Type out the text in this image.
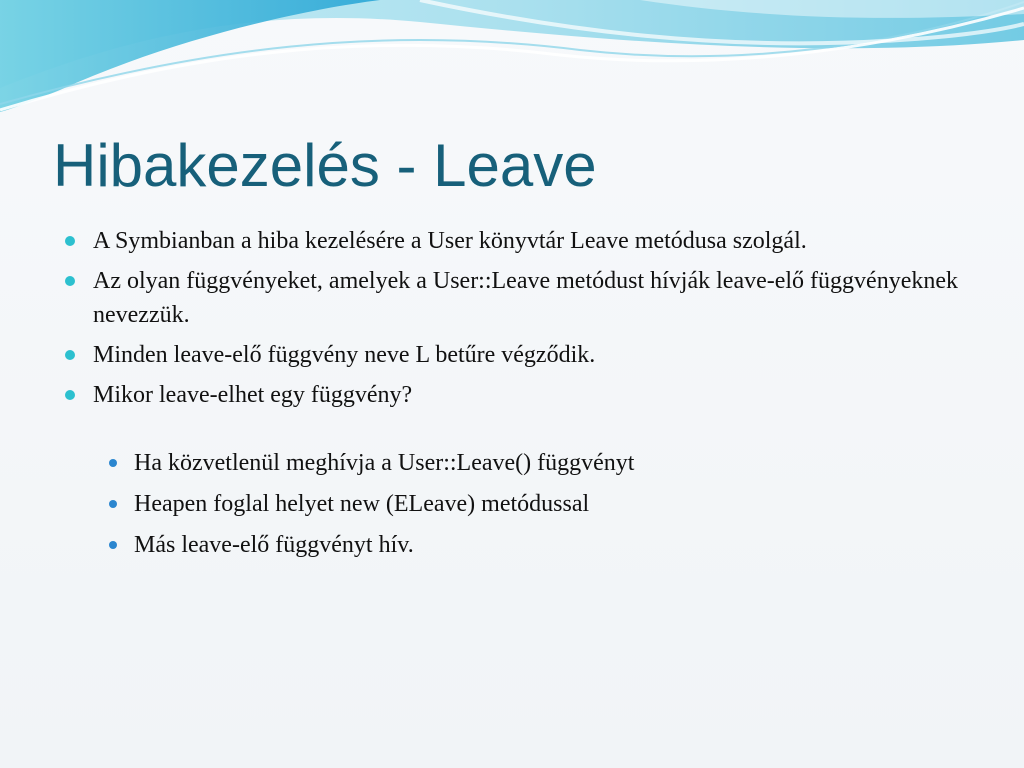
Hibakezelés - Leave
A Symbianban a hiba kezelésére a User könyvtár Leave metódusa szolgál.
Az olyan függvényeket, amelyek a User::Leave metódust hívják leave-elő függvényeknek nevezzük.
Minden leave-elő függvény neve L betűre végződik.
Mikor leave-elhet egy függvény?
Ha közvetlenül meghívja a User::Leave() függvényt
Heapen foglal helyet new (ELeave) metódussal
Más leave-elő függvényt hív.
